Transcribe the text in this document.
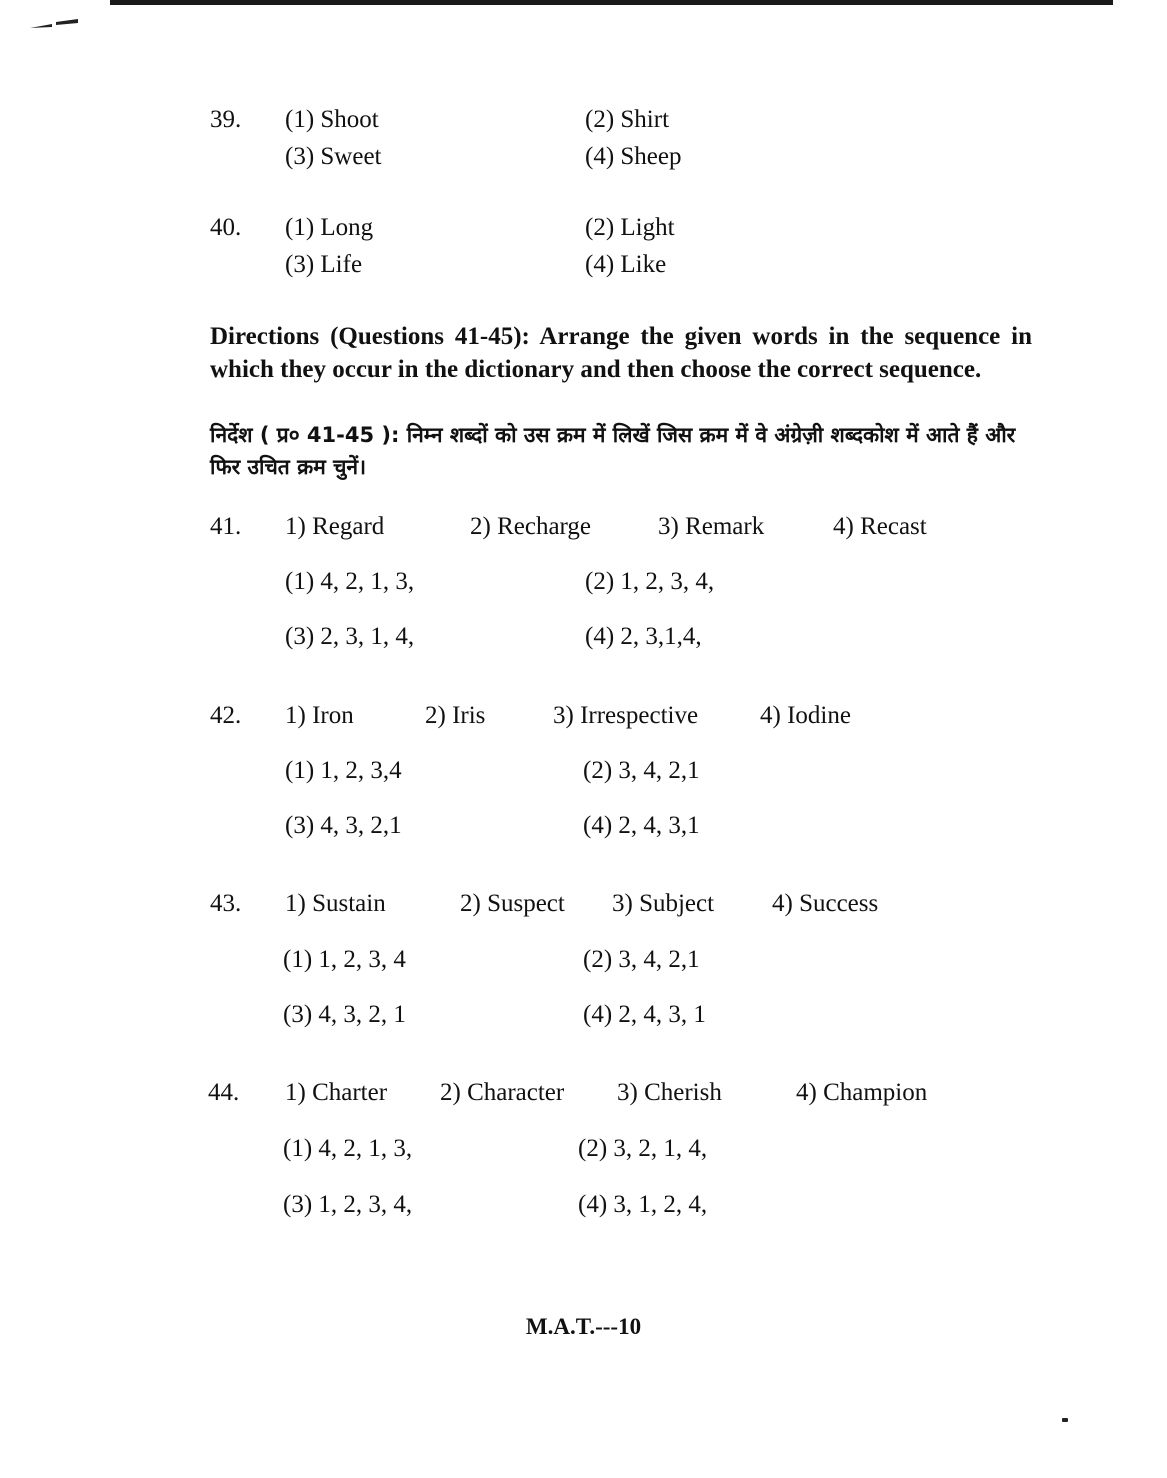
39. (1) Shoot	(2) Shirt
(3) Sweet	(4) Sheep
40. (1) Long	(2) Light
(3) Life	(4) Like
Directions (Questions 41-45): Arrange the given words in the sequence in which they occur in the dictionary and then choose the correct sequence.
निर्देश ( प्र० 41-45 ): निम्न शब्दों को उस क्रम में लिखें जिस क्रम में वे अंग्रेज़ी शब्दकोश में आते हैं और फिर उचित क्रम चुनें।
41. 1) Regard	2) Recharge	3) Remark	4) Recast
(1) 4, 2, 1, 3,	(2) 1, 2, 3, 4,
(3) 2, 3, 1, 4,	(4) 2, 3,1,4,
42. 1) Iron	2) Iris	3) Irrespective 4) Iodine
(1) 1, 2, 3,4	(2) 3, 4, 2,1
(3) 4, 3, 2,1	(4) 2, 4, 3,1
43. 1) Sustain	2) Suspect 3) Subject 4) Success
(1) 1, 2, 3, 4	(2) 3, 4, 2,1
(3) 4, 3, 2, 1	(4) 2, 4, 3, 1
44. 1) Charter 2) Character 3) Cherish	4) Champion
(1) 4, 2, 1, 3,	(2) 3, 2, 1, 4,
(3) 1, 2, 3, 4,	(4) 3, 1, 2, 4,
M.A.T.---10
